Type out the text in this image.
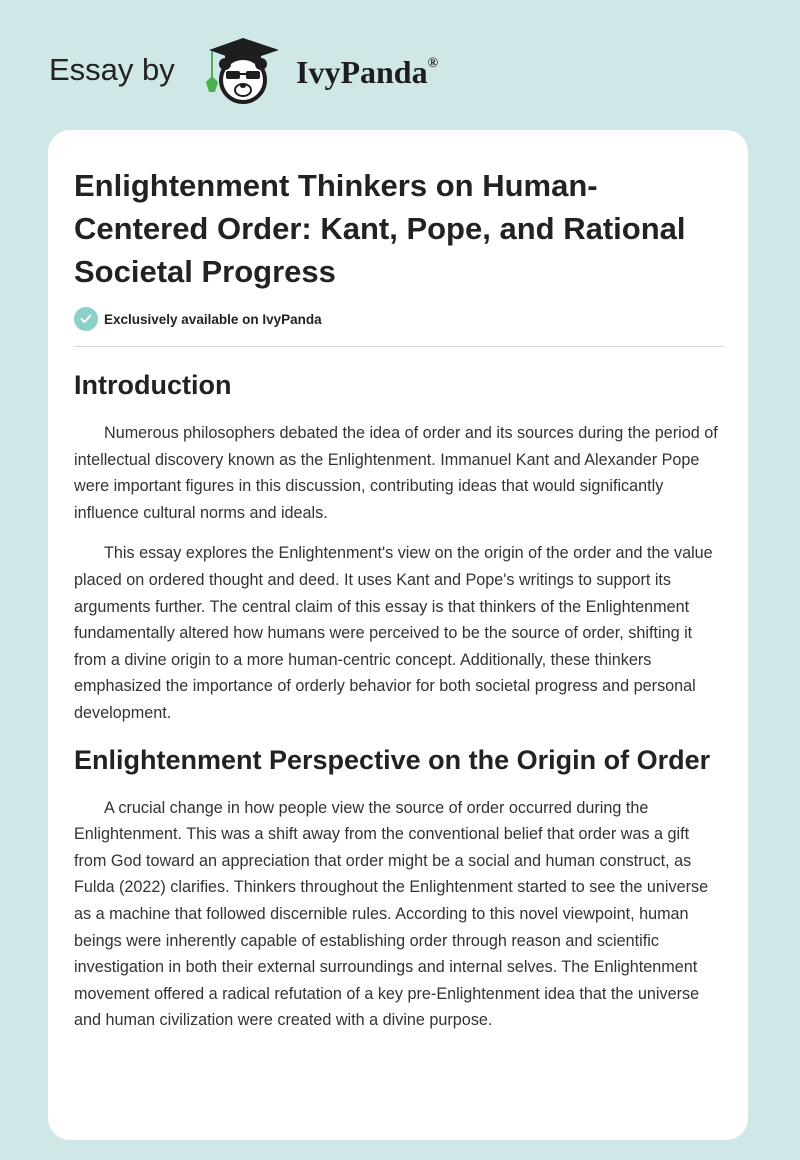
Essay by	IvyPanda®
Enlightenment Thinkers on Human-Centered Order: Kant, Pope, and Rational Societal Progress
Exclusively available on IvyPanda
Introduction

Numerous philosophers debated the idea of order and its sources during the period of intellectual discovery known as the Enlightenment. Immanuel Kant and Alexander Pope were important figures in this discussion, contributing ideas that would significantly influence cultural norms and ideals.

This essay explores the Enlightenment's view on the origin of the order and the value placed on ordered thought and deed. It uses Kant and Pope's writings to support its arguments further. The central claim of this essay is that thinkers of the Enlightenment fundamentally altered how humans were perceived to be the source of order, shifting it from a divine origin to a more human-centric concept. Additionally, these thinkers emphasized the importance of orderly behavior for both societal progress and personal development.

Enlightenment Perspective on the Origin of Order

A crucial change in how people view the source of order occurred during the Enlightenment. This was a shift away from the conventional belief that order was a gift from God toward an appreciation that order might be a social and human construct, as Fulda (2022) clarifies. Thinkers throughout the Enlightenment started to see the universe as a machine that followed discernible rules. According to this novel viewpoint, human beings were inherently capable of establishing order through reason and scientific investigation in both their external surroundings and internal selves. The Enlightenment movement offered a radical refutation of a key pre-Enlightenment idea that the universe and human civilization were created with a divine purpose.
